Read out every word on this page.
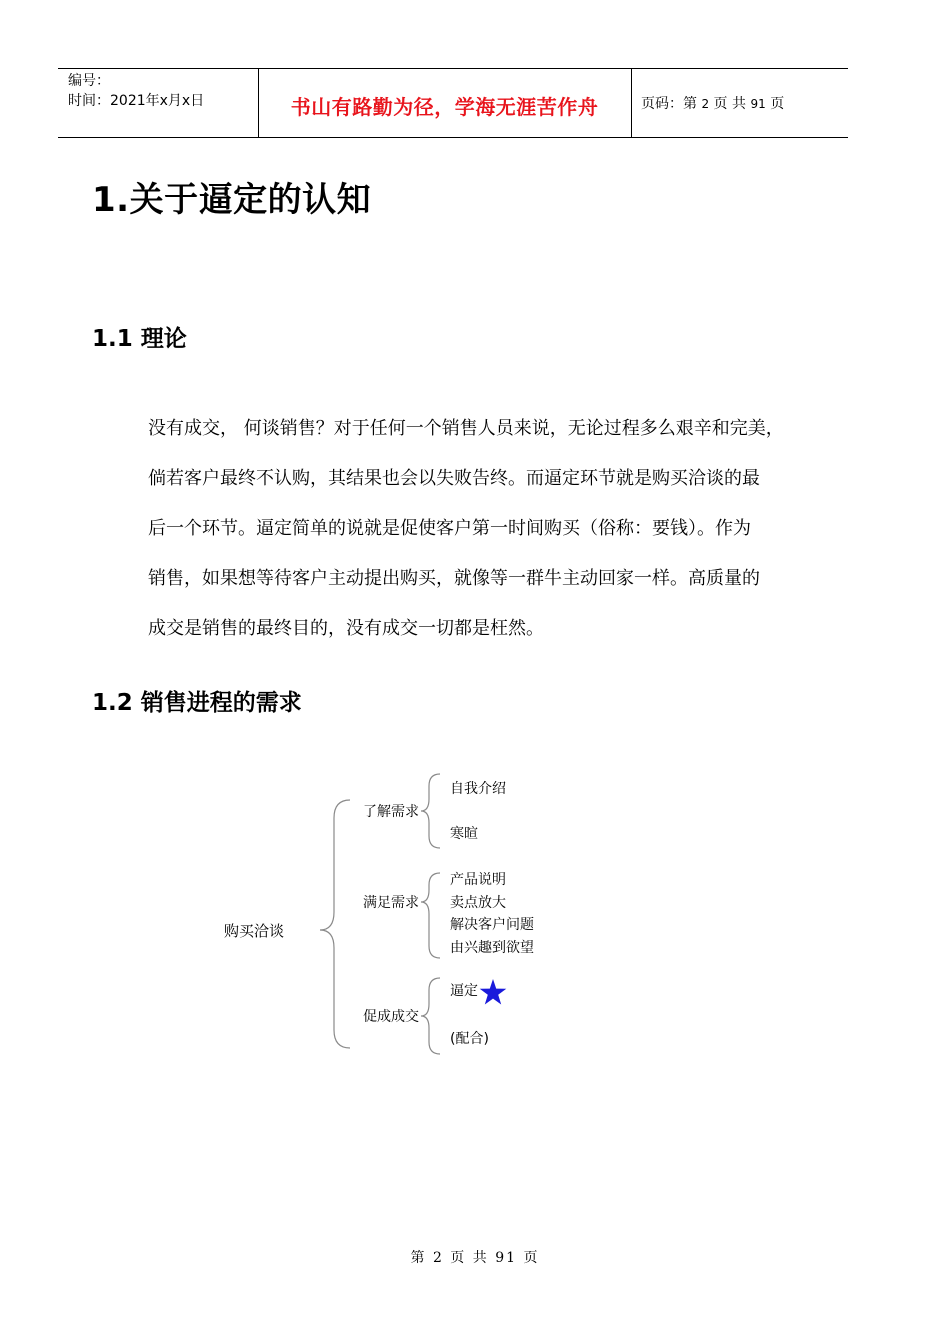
编号：
时间：2021年x月x日	书山有路勤为径，学海无涯苦作舟	页码：第 2 页 共 91 页
1.关于逼定的认知
1.1 理论
没有成交， 何谈销售？对于任何一个销售人员来说，无论过程多么艰辛和完美，
倘若客户最终不认购，其结果也会以失败告终。而逼定环节就是购买洽谈的最
后一个环节。逼定简单的说就是促使客户第一时间购买（俗称：要钱）。作为
销售，如果想等待客户主动提出购买，就像等一群牛主动回家一样。高质量的
成交是销售的最终目的，没有成交一切都是枉然。
1.2 销售进程的需求
购买洽谈
了解需求
自我介绍
寒暄
满足需求
产品说明
卖点放大
解决客户问题
由兴趣到欲望
促成成交
逼定
(配合)
第 2 页 共 91 页
